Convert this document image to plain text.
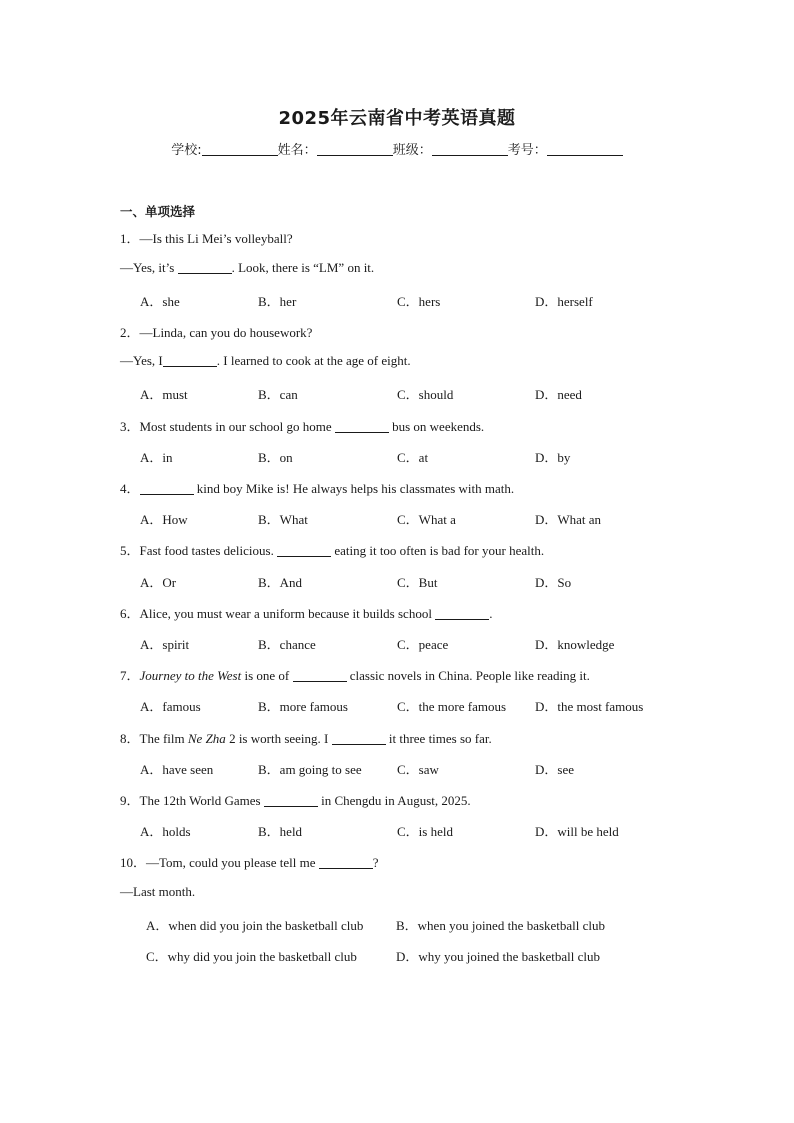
2025年云南省中考英语真题
学校:	姓名：	班级：	考号：
一、单项选择
1．—Is this Li Mei’s volleyball?
—Yes, it’s	. Look, there is “LM” on it.
A．she	B．her	C．hers	D．herself
2．—Linda, can you do housework?
—Yes, I	. I learned to cook at the age of eight.
A．must	B．can	C．should	D．need
3．Most students in our school go home	bus on weekends.
A．in	B．on	C．at	D．by
4．	kind boy Mike is! He always helps his classmates with math.
A．How	B．What	C．What a	D．What an
5．Fast food tastes delicious.	eating it too often is bad for your health.
A．Or	B．And	C．But	D．So
6．Alice, you must wear a uniform because it builds school	.
A．spirit	B．chance	C．peace	D．knowledge
7．Journey to the West is one of	classic novels in China. People like reading it.
A．famous	B．more famous	C．the more famous D．the most famous
8．The film Ne Zha 2 is worth seeing. I	it three times so far.
A．have seen	B．am going to see	C．saw	D．see
9．The 12th World Games	in Chengdu in August, 2025.
A．holds	B．held	C．is held	D．will be held
10．—Tom, could you please tell me	?
—Last month.
A．when did you join the basketball club	B．when you joined the basketball club
C．why did you join the basketball club	D．why you joined the basketball club
